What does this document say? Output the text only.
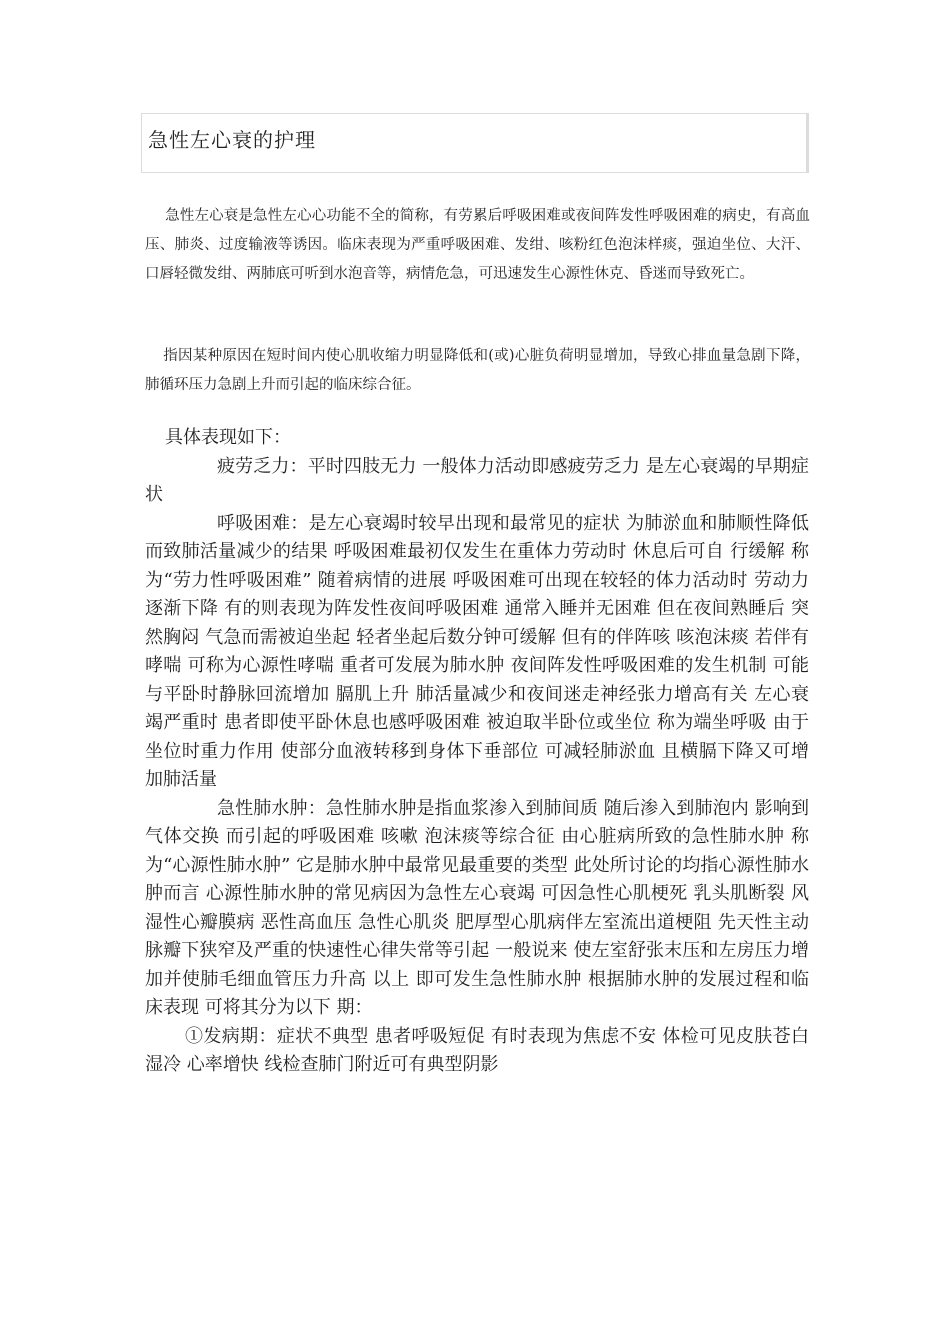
急性左心衰的护理
急性左心衰是急性左心心功能不全的简称，有劳累后呼吸困难或夜间阵发性呼吸困难的病史，有高血压、肺炎、过度输液等诱因。临床表现为严重呼吸困难、发绀、咳粉红色泡沫样痰，强迫坐位、大汗、口唇轻微发绀、两肺底可听到水泡音等，病情危急，可迅速发生心源性休克、昏迷而导致死亡。
指因某种原因在短时间内使心肌收缩力明显降低和(或)心脏负荷明显增加，导致心排血量急剧下降，肺循环压力急剧上升而引起的临床综合征。

具体表现如下：

疲劳乏力：平时四肢无力 一般体力活动即感疲劳乏力 是左心衰竭的早期症状

呼吸困难：是左心衰竭时较早出现和最常见的症状 为肺淤血和肺顺性降低而致肺活量减少的结果 呼吸困难最初仅发生在重体力劳动时 休息后可自 行缓解 称为“劳力性呼吸困难” 随着病情的进展 呼吸困难可出现在较轻的体力活动时 劳动力逐渐下降 有的则表现为阵发性夜间呼吸困难 通常入睡并无困难 但在夜间熟睡后 突然胸闷 气急而需被迫坐起 轻者坐起后数分钟可缓解 但有的伴阵咳 咳泡沫痰 若伴有哮喘 可称为心源性哮喘 重者可发展为肺水肿 夜间阵发性呼吸困难的发生机制 可能与平卧时静脉回流增加 膈肌上升 肺活量减少和夜间迷走神经张力增高有关 左心衰竭严重时 患者即使平卧休息也感呼吸困难 被迫取半卧位或坐位 称为端坐呼吸 由于坐位时重力作用 使部分血液转移到身体下垂部位 可减轻肺淤血 且横膈下降又可增加肺活量

急性肺水肿：急性肺水肿是指血浆渗入到肺间质 随后渗入到肺泡内 影响到气体交换 而引起的呼吸困难 咳嗽 泡沫痰等综合征 由心脏病所致的急性肺水肿 称为“心源性肺水肿” 它是肺水肿中最常见最重要的类型 此处所讨论的均指心源性肺水肿而言 心源性肺水肿的常见病因为急性左心衰竭 可因急性心肌梗死 乳头肌断裂 风湿性心瓣膜病 恶性高血压 急性心肌炎 肥厚型心肌病伴左室流出道梗阻 先天性主动脉瓣下狭窄及严重的快速性心律失常等引起 一般说来 使左室舒张末压和左房压力增加并使肺毛细血管压力升高 以上 即可发生急性肺水肿 根据肺水肿的发展过程和临床表现 可将其分为以下 期：

①发病期：症状不典型 患者呼吸短促 有时表现为焦虑不安 体检可见皮肤苍白湿冷 心率增快 线检查肺门附近可有典型阴影
